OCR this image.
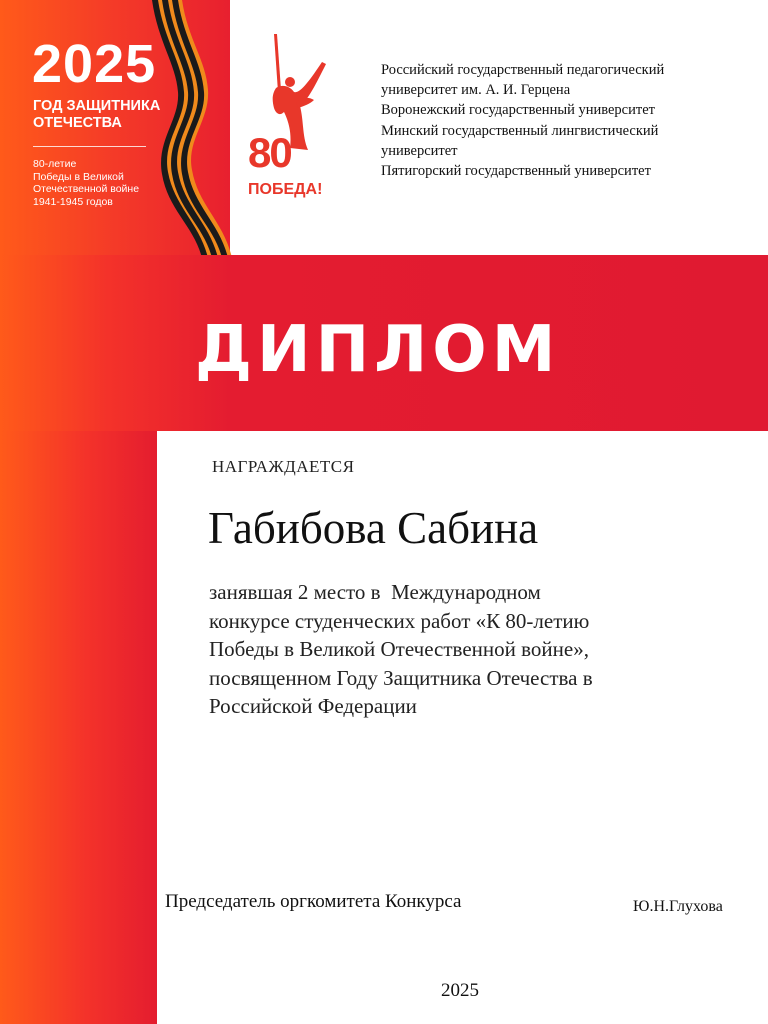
2025
ГОД ЗАЩИТНИКА
ОТЕЧЕСТВА
80-летие
Победы в Великой
Отечественной войне
1941-1945 годов
80
ПОБЕДА!
Российский государственный педагогический
университет им. А. И. Герцена
Воронежский государственный университет
Минский государственный лингвистический
университет
Пятигорский государственный университет
ДИПЛОМ
НАГРАЖДАЕТСЯ
Габибова Сабина
занявшая 2 место в  Международном
конкурсе студенческих работ «К 80-летию
Победы в Великой Отечественной войне»,
посвященном Году Защитника Отечества в
Российской Федерации
Председатель оргкомитета Конкурса	Ю.Н.Глухова
2025
